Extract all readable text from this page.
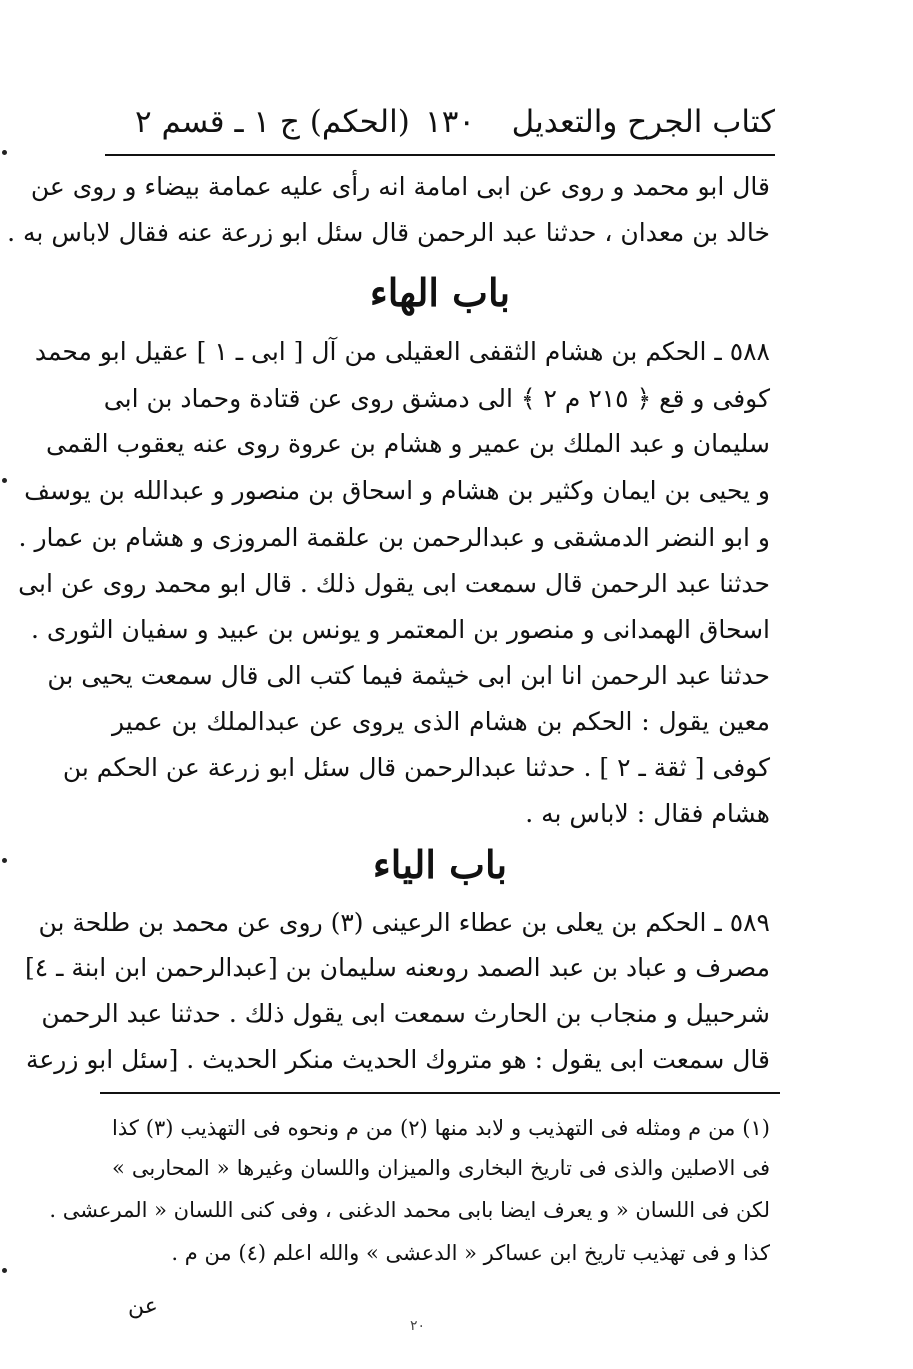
كتاب الجرح والتعديل
١٣٠
(الحكم) ج ١ ـ قسم ٢
قال ابو محمد و روى عن ابى امامة انه رأى عليه عمامة بيضاء و روى عن
خالد بن معدان ، حدثنا عبد الرحمن قال سئل ابو زرعة عنه فقال لاباس به .
باب الهاء
٥٨٨ ـ الحكم بن هشام الثقفى العقيلى من آل [ ابى ـ ١ ] عقيل ابو محمد
كوفى و قع ﴿ ٢١٥ م ٢ ﴾ الى دمشق روى عن قتادة وحماد بن ابى
سليمان و عبد الملك بن عمير و هشام بن عروة روى عنه يعقوب القمى
و يحيى بن ايمان وكثير بن هشام و اسحاق بن منصور و عبدالله بن يوسف
و ابو النضر الدمشقى و عبدالرحمن بن علقمة المروزى و هشام بن عمار .
حدثنا عبد الرحمن قال سمعت ابى يقول ذلك . قال ابو محمد روى عن ابى
اسحاق الهمدانى و منصور بن المعتمر و يونس بن عبيد و سفيان الثورى .
حدثنا عبد الرحمن انا ابن ابى خيثمة فيما كتب الى قال سمعت يحيى بن
معين يقول : الحكم بن هشام الذى يروى عن عبدالملك بن عمير
كوفى [ ثقة ـ ٢ ] . حدثنا عبدالرحمن قال سئل ابو زرعة عن الحكم بن
هشام فقال : لاباس به .
باب الياء
٥٨٩ ـ الحكم بن يعلى بن عطاء الرعينى (٣) روى عن محمد بن طلحة بن
مصرف و عباد بن عبد الصمد روىعنه سليمان بن [عبدالرحمن ابن ابنة ـ ٤]
شرحبيل و منجاب بن الحارث سمعت ابى يقول ذلك . حدثنا عبد الرحمن
قال سمعت ابى يقول : هو متروك الحديث منكر الحديث . [سئل ابو زرعة
(١) من م ومثله فى التهذيب و لابد منها (٢) من م ونحوه فى التهذيب (٣) كذا
فى الاصلين والذى فى تاريخ البخارى والميزان واللسان وغيرها « المحاربى »
لكن فى اللسان « و يعرف ايضا بابى محمد الدغنى ، وفى كنى اللسان « المرعشى .
كذا و فى تهذيب تاريخ ابن عساكر « الدعشى » والله اعلم (٤) من م .
عن
٢٠
